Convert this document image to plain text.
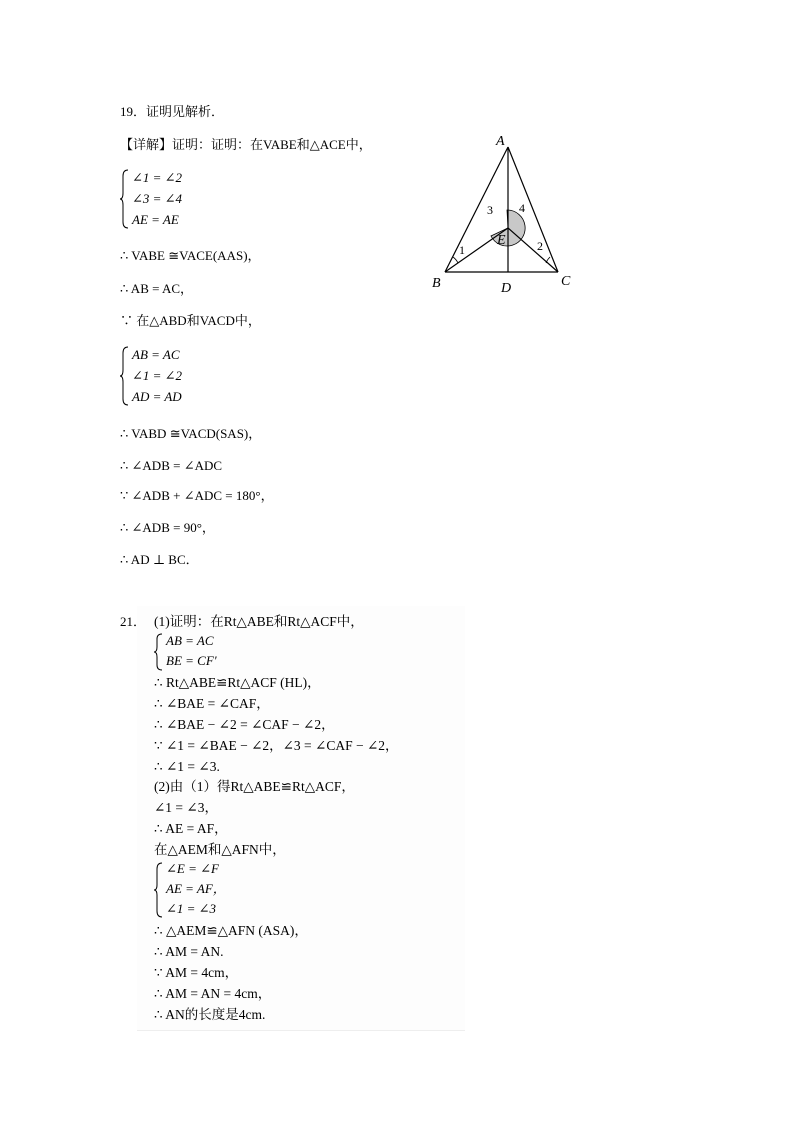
19．证明见解析．
【详解】证明：证明：在VABE和△ACE中，
∠1 = ∠2
∠3 = ∠4
AE = AE
∴ VABE ≅VACE(AAS)，
∴ AB = AC，
∵ 在△ABD和VACD中，
AB = AC
∠1 = ∠2
AD = AD
∴ VABD ≅VACD(SAS)，
∴ ∠ADB = ∠ADC
∵ ∠ADB + ∠ADC = 180°，
∴ ∠ADB = 90°，
∴ AD ⊥ BC．
A
B	C
D
E
1	2
3 4
21． (1)证明：在Rt△ABE和Rt△ACF中，
AB = AC
BE = CF'
∴ Rt△ABE≌Rt△ACF (HL)，
∴ ∠BAE = ∠CAF，
∴ ∠BAE − ∠2 = ∠CAF − ∠2，
∵ ∠1 = ∠BAE − ∠2，∠3 = ∠CAF − ∠2，
∴ ∠1 = ∠3.
(2)由（1）得Rt△ABE≌Rt△ACF，
∠1 = ∠3，
∴ AE = AF，
在△AEM和△AFN中，
∠E = ∠F
AE = AF，
∠1 = ∠3
∴ △AEM≌△AFN (ASA)，
∴ AM = AN.
∵ AM = 4cm，
∴ AM = AN = 4cm，
∴ AN的长度是4cm.
